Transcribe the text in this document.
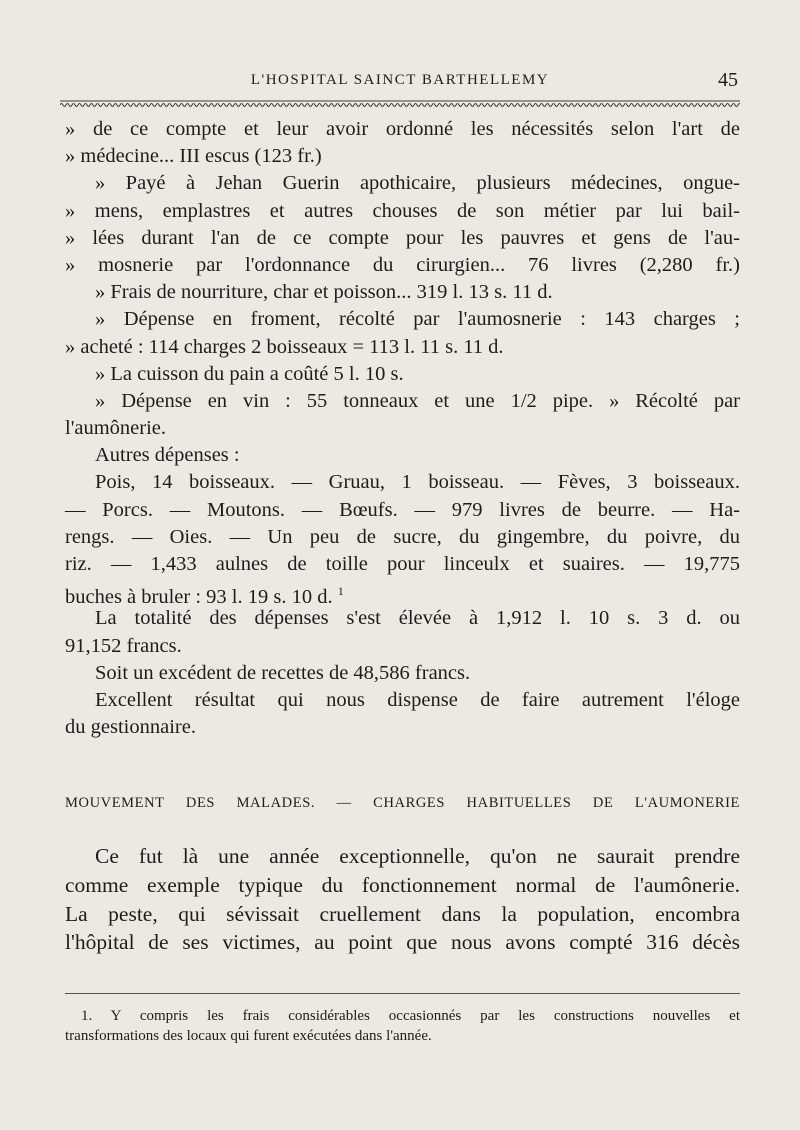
L'HOSPITAL SAINCT BARTHELLEMY	45
» de ce compte et leur avoir ordonné les nécessités selon l'art de
» médecine... III escus (123 fr.)
» Payé à Jehan Guerin apothicaire, plusieurs médecines, ongue-
» mens, emplastres et autres chouses de son métier par lui bail-
» lées durant l'an de ce compte pour les pauvres et gens de l'au-
» mosnerie par l'ordonnance du cirurgien... 76 livres (2,280 fr.)
» Frais de nourriture, char et poisson... 319 l. 13 s. 11 d.
» Dépense en froment, récolté par l'aumosnerie : 143 charges ;
» acheté : 114 charges 2 boisseaux = 113 l. 11 s. 11 d.
» La cuisson du pain a coûté 5 l. 10 s.
» Dépense en vin : 55 tonneaux et une 1/2 pipe. » Récolté par
l'aumônerie.
Autres dépenses :
Pois, 14 boisseaux. — Gruau, 1 boisseau. — Fèves, 3 boisseaux.
— Porcs. — Moutons. — Bœufs. — 979 livres de beurre. — Ha-
rengs. — Oies. — Un peu de sucre, du gingembre, du poivre, du
riz. — 1,433 aulnes de toille pour linceulx et suaires. — 19,775
buches à bruler : 93 l. 19 s. 10 d. $^1$
La totalité des dépenses s'est élevée à 1,912 l. 10 s. 3 d. ou
91,152 francs.
Soit un excédent de recettes de 48,586 francs.
Excellent résultat qui nous dispense de faire autrement l'éloge
du gestionnaire.
MOUVEMENT DES MALADES. — CHARGES HABITUELLES DE L'AUMONERIE
Ce fut là une année exceptionnelle, qu'on ne saurait prendre
comme exemple typique du fonctionnement normal de l'aumônerie.
La peste, qui sévissait cruellement dans la population, encombra
l'hôpital de ses victimes, au point que nous avons compté 316 décès
1. Y compris les frais considérables occasionnés par les constructions nouvelles et
transformations des locaux qui furent exécutées dans l'année.
